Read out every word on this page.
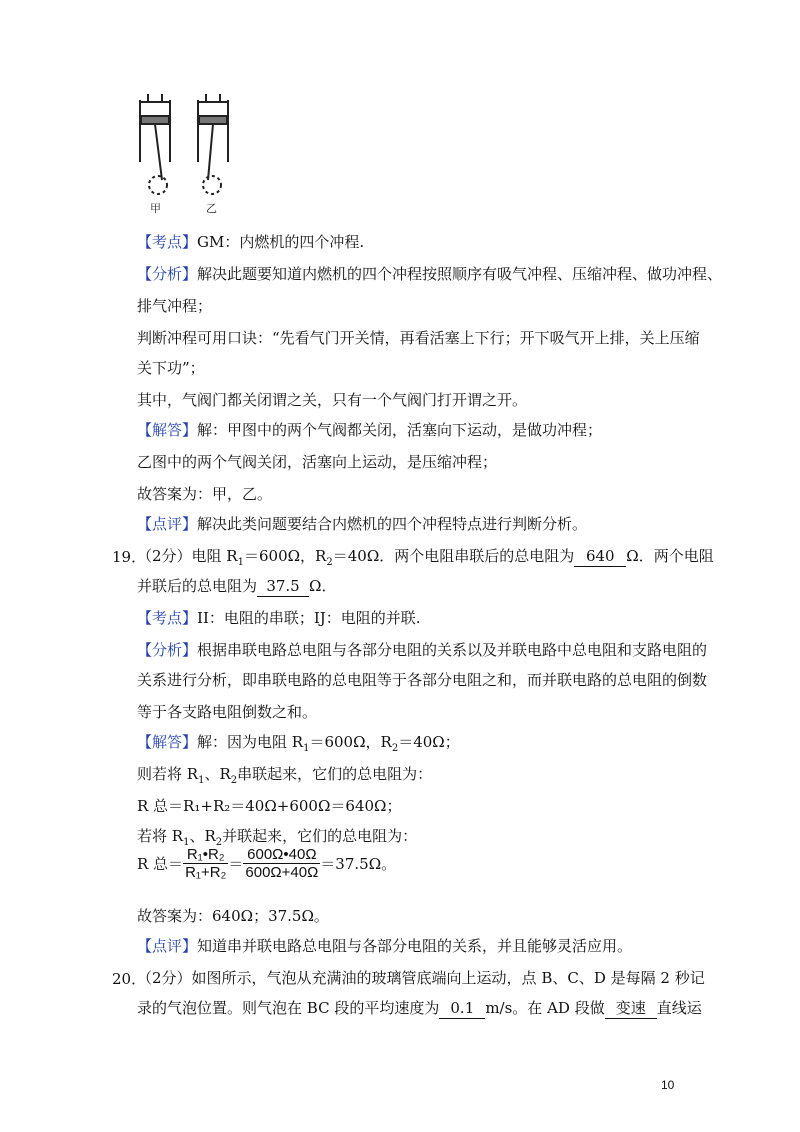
甲	乙
【考点】GM：内燃机的四个冲程.
【分析】解决此题要知道内燃机的四个冲程按照顺序有吸气冲程、压缩冲程、做功冲程、
排气冲程；
判断冲程可用口诀：“先看气门开关情，再看活塞上下行；开下吸气开上排，关上压缩
关下功”；
其中，气阀门都关闭谓之关，只有一个气阀门打开谓之开。
【解答】解：甲图中的两个气阀都关闭，活塞向下运动，是做功冲程；
乙图中的两个气阀关闭，活塞向上运动，是压缩冲程；
故答案为：甲，乙。
【点评】解决此类问题要结合内燃机的四个冲程特点进行判断分析。
19．
（2分）电阻 $R_1=600\Omega$，$R_2=40\Omega$．两个电阻串联后的总电阻为 640 Ω．两个电阻
并联后的总电阻为 37.5 Ω．
【考点】II：电阻的串联；IJ：电阻的并联.
【分析】根据串联电路总电阻与各部分电阻的关系以及并联电路中总电阻和支路电阻的
关系进行分析，即串联电路的总电阻等于各部分电阻之和，而并联电路的总电阻的倒数
等于各支路电阻倒数之和。
【解答】解：因为电阻 $R_1=600\Omega$，$R_2=40\Omega$；
则若将 $R_1$、$R_2$串联起来，它们的总电阻为：
R 总＝R₁+R₂＝40Ω+600Ω＝640Ω；
若将 $R_1$、$R_2$并联起来，它们的总电阻为：
R 总＝ $\frac{\text{R₁•R₂}}{\text{R₁+R₂}} = \frac{600\Omega•40\Omega}{600\Omega+40\Omega} =37.5\Omega$。
故答案为：640Ω；37.5Ω。
【点评】知道串并联电路总电阻与各部分电阻的关系，并且能够灵活应用。
20．
（2分）如图所示，气泡从充满油的玻璃管底端向上运动，点 B、C、D 是每隔 2 秒记
录的气泡位置。则气泡在 BC 段的平均速度为 0.1 m/s。在 AD 段做 变速 直线运
10
